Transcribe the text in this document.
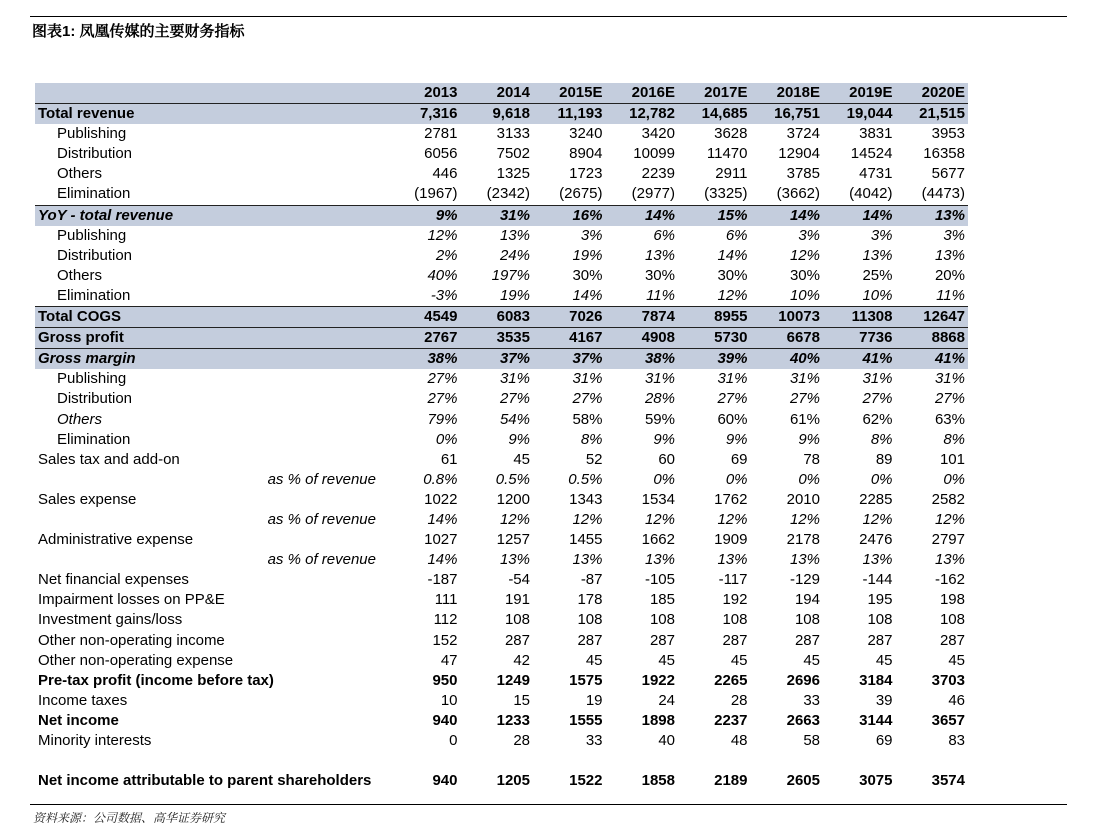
图表1: 凤凰传媒的主要财务指标
	2013	2014	2015E	2016E	2017E	2018E	2019E	2020E
Total revenue	7,316	9,618	11,193	12,782	14,685	16,751	19,044	21,515
Publishing	2781	3133	3240	3420	3628	3724	3831	3953
Distribution	6056	7502	8904	10099	11470	12904	14524	16358
Others	446	1325	1723	2239	2911	3785	4731	5677
Elimination	(1967)	(2342)	(2675)	(2977)	(3325)	(3662)	(4042)	(4473)
YoY - total revenue	9%	31%	16%	14%	15%	14%	14%	13%
Publishing	12%	13%	3%	6%	6%	3%	3%	3%
Distribution	2%	24%	19%	13%	14%	12%	13%	13%
Others	40%	197%	30%	30%	30%	30%	25%	20%
Elimination	-3%	19%	14%	11%	12%	10%	10%	11%
Total COGS	4549	6083	7026	7874	8955	10073	11308	12647
Gross profit	2767	3535	4167	4908	5730	6678	7736	8868
Gross margin	38%	37%	37%	38%	39%	40%	41%	41%
Publishing	27%	31%	31%	31%	31%	31%	31%	31%
Distribution	27%	27%	27%	28%	27%	27%	27%	27%
Others	79%	54%	58%	59%	60%	61%	62%	63%
Elimination	0%	9%	8%	9%	9%	9%	8%	8%
Sales tax and add-on	61	45	52	60	69	78	89	101
as % of revenue	0.8%	0.5%	0.5%	0%	0%	0%	0%	0%
Sales expense	1022	1200	1343	1534	1762	2010	2285	2582
as % of revenue	14%	12%	12%	12%	12%	12%	12%	12%
Administrative expense	1027	1257	1455	1662	1909	2178	2476	2797
as % of revenue	14%	13%	13%	13%	13%	13%	13%	13%
Net financial expenses	-187	-54	-87	-105	-117	-129	-144	-162
Impairment losses on PP&E	111	191	178	185	192	194	195	198
Investment gains/loss	112	108	108	108	108	108	108	108
Other non-operating income	152	287	287	287	287	287	287	287
Other non-operating expense	47	42	45	45	45	45	45	45
Pre-tax profit (income before tax)	950	1249	1575	1922	2265	2696	3184	3703
Income taxes	10	15	19	24	28	33	39	46
Net income	940	1233	1555	1898	2237	2663	3144	3657
Minority interests	0	28	33	40	48	58	69	83
Net income attributable to parent shareholders	940	1205	1522	1858	2189	2605	3075	3574
资料来源：公司数据、高华证券研究
